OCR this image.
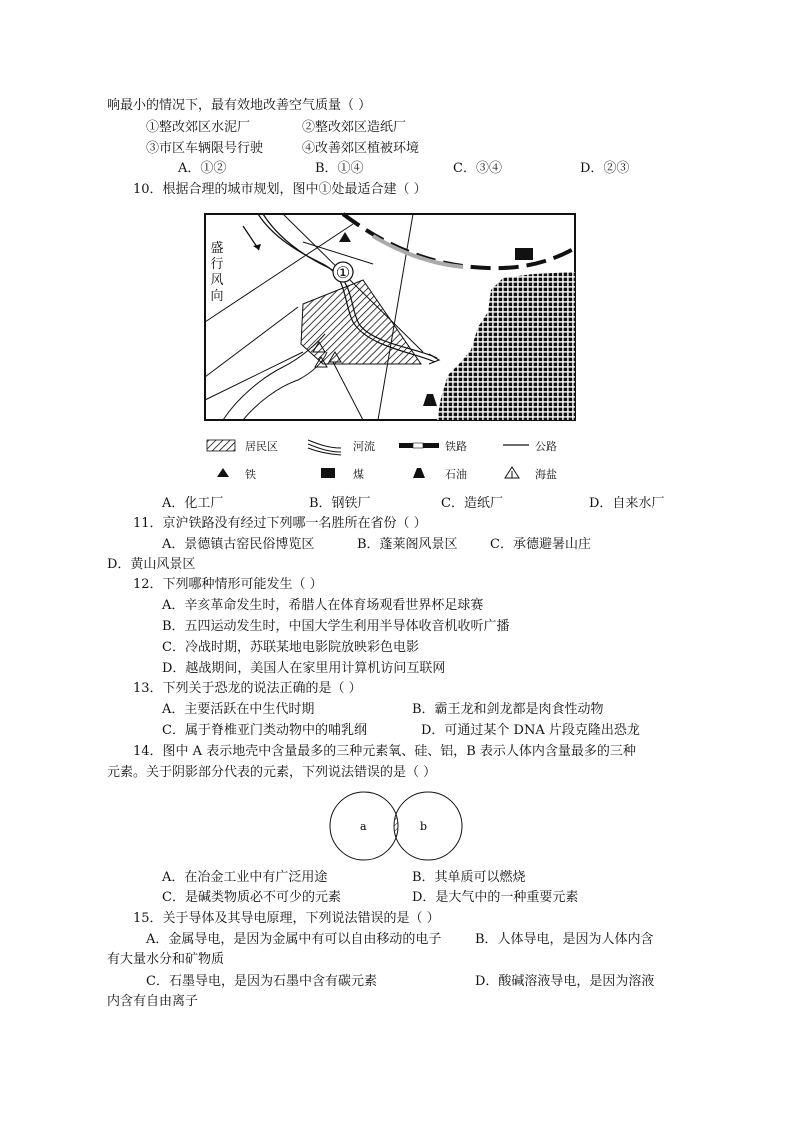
响最小的情况下，最有效地改善空气质量（ ）
①整改郊区水泥厂	②整改郊区造纸厂
③市区车辆限号行驶	④改善郊区植被环境
A．①②	B．①④	C．③④	D．②③
10．根据合理的城市规划，图中①处最适合建（ ）
①
盛
行
风
向
居民区	河流	铁路	公路
铁	煤	石油	海盐
A．化工厂	B．钢铁厂	C．造纸厂	D．自来水厂
11．京沪铁路没有经过下列哪一名胜所在省份（ ）
A．景德镇古窑民俗博览区	B．蓬莱阁风景区 C．承德避暑山庄
D．黄山风景区
12．下列哪种情形可能发生（ ）
A．辛亥革命发生时，希腊人在体育场观看世界杯足球赛
B．五四运动发生时，中国大学生利用半导体收音机收听广播
C．冷战时期，苏联某地电影院放映彩色电影
D．越战期间，美国人在家里用计算机访问互联网
13．下列关于恐龙的说法正确的是（ ）
A．主要活跃在中生代时期	B．霸王龙和剑龙都是肉食性动物
C．属于脊椎亚门类动物中的哺乳纲	D．可通过某个 DNA 片段克隆出恐龙
14．图中 A 表示地壳中含量最多的三种元素氧、硅、铝，B 表示人体内含量最多的三种
元素。关于阴影部分代表的元素，下列说法错误的是（ ）
a	b
A．在冶金工业中有广泛用途	B．其单质可以燃烧
C．是碱类物质必不可少的元素	D．是大气中的一种重要元素
15．关于导体及其导电原理，下列说法错误的是（ ）
A．金属导电，是因为金属中有可以自由移动的电子	B．人体导电，是因为人体内含
有大量水分和矿物质
C．石墨导电，是因为石墨中含有碳元素	D．酸碱溶液导电，是因为溶液
内含有自由离子
